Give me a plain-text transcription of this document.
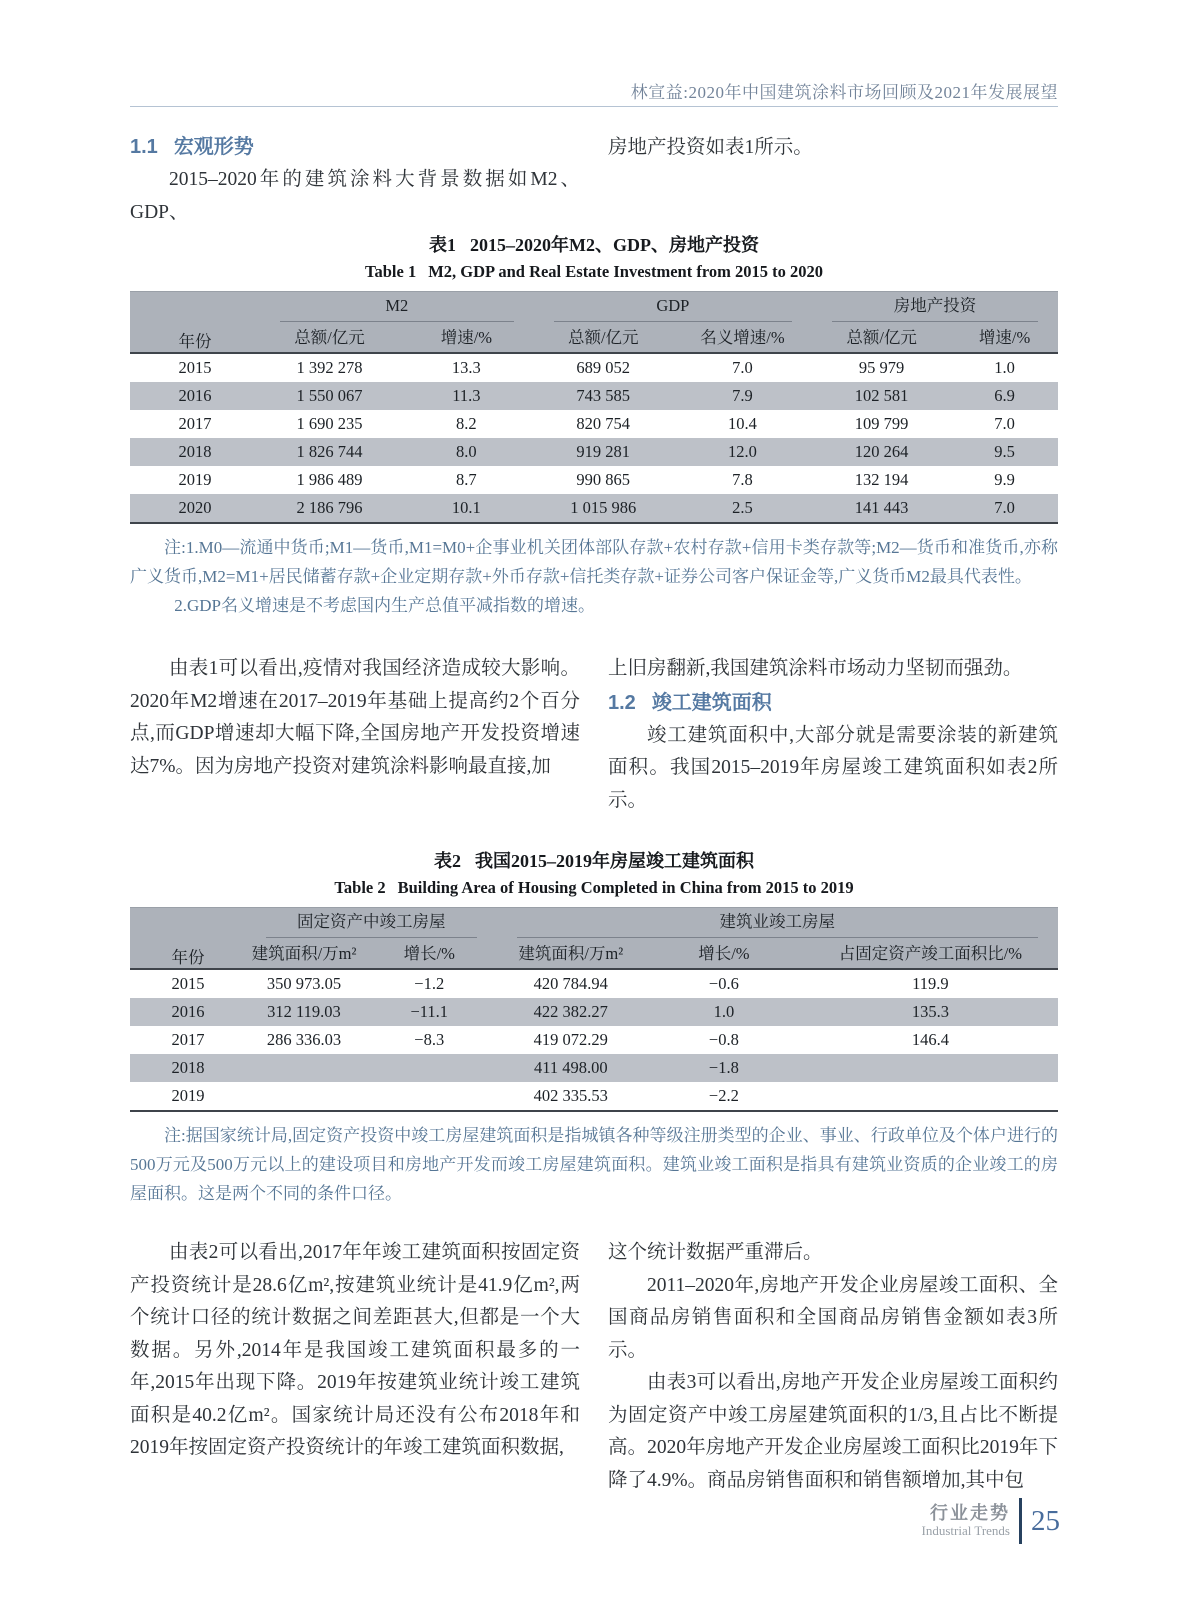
林宣益:2020年中国建筑涂料市场回顾及2021年发展展望
1.1 宏观形势

2015–2020年的建筑涂料大背景数据如M2、GDP、

房地产投资如表1所示。

表1 2015–2020年M2、GDP、房地产投资

Table 1 M2, GDP and Real Estate Investment from 2015 to 2020

年份	M2		GDP		房地产投资	

	总额/亿元	增速/%	总额/亿元	名义增速/%	总额/亿元	增速/%
2015	1 392 278	13.3	689 052	7.0	95 979	1.0
2016	1 550 067	11.3	743 585	7.9	102 581	6.9
2017	1 690 235	8.2	820 754	10.4	109 799	7.0
2018	1 826 744	8.0	919 281	12.0	120 264	9.5
2019	1 986 489	8.7	990 865	7.8	132 194	9.9
2020	2 186 796	10.1	1 015 986	2.5	141 443	7.0

注:1.M0—流通中货币;M1—货币,M1=M0+企事业机关团体部队存款+农村存款+信用卡类存款等;M2—货币和准货币,亦称广义货币,M2=M1+居民储蓄存款+企业定期存款+外币存款+信托类存款+证券公司客户保证金等,广义货币M2最具代表性。

2.GDP名义增速是不考虑国内生产总值平减指数的增速。

由表1可以看出,疫情对我国经济造成较大影响。2020年M2增速在2017–2019年基础上提高约2个百分点,而GDP增速却大幅下降,全国房地产开发投资增速达7%。因为房地产投资对建筑涂料影响最直接,加

上旧房翻新,我国建筑涂料市场动力坚韧而强劲。

1.2 竣工建筑面积

竣工建筑面积中,大部分就是需要涂装的新建筑面积。我国2015–2019年房屋竣工建筑面积如表2所示。

表2 我国2015–2019年房屋竣工建筑面积

Table 2 Building Area of Housing Completed in China from 2015 to 2019

年份	固定资产中竣工房屋		建筑业竣工房屋		

	建筑面积/万m²	增长/%	建筑面积/万m²	增长/%	占固定资产竣工面积比/%
2015	350 973.05	−1.2	420 784.94	−0.6	119.9
2016	312 119.03	−11.1	422 382.27	1.0	135.3
2017	286 336.03	−8.3	419 072.29	−0.8	146.4
2018			411 498.00	−1.8	
2019			402 335.53	−2.2	

注:据国家统计局,固定资产投资中竣工房屋建筑面积是指城镇各种等级注册类型的企业、事业、行政单位及个体户进行的500万元及500万元以上的建设项目和房地产开发而竣工房屋建筑面积。建筑业竣工面积是指具有建筑业资质的企业竣工的房屋面积。这是两个不同的条件口径。

由表2可以看出,2017年年竣工建筑面积按固定资产投资统计是28.6亿m²,按建筑业统计是41.9亿m²,两个统计口径的统计数据之间差距甚大,但都是一个大数据。另外,2014年是我国竣工建筑面积最多的一年,2015年出现下降。2019年按建筑业统计竣工建筑面积是40.2亿m²。国家统计局还没有公布2018年和2019年按固定资产投资统计的年竣工建筑面积数据,

这个统计数据严重滞后。

2011–2020年,房地产开发企业房屋竣工面积、全国商品房销售面积和全国商品房销售金额如表3所示。

由表3可以看出,房地产开发企业房屋竣工面积约为固定资产中竣工房屋建筑面积的1/3,且占比不断提高。2020年房地产开发企业房屋竣工面积比2019年下降了4.9%。商品房销售面积和销售额增加,其中包

行业走势
Industrial Trends 25
